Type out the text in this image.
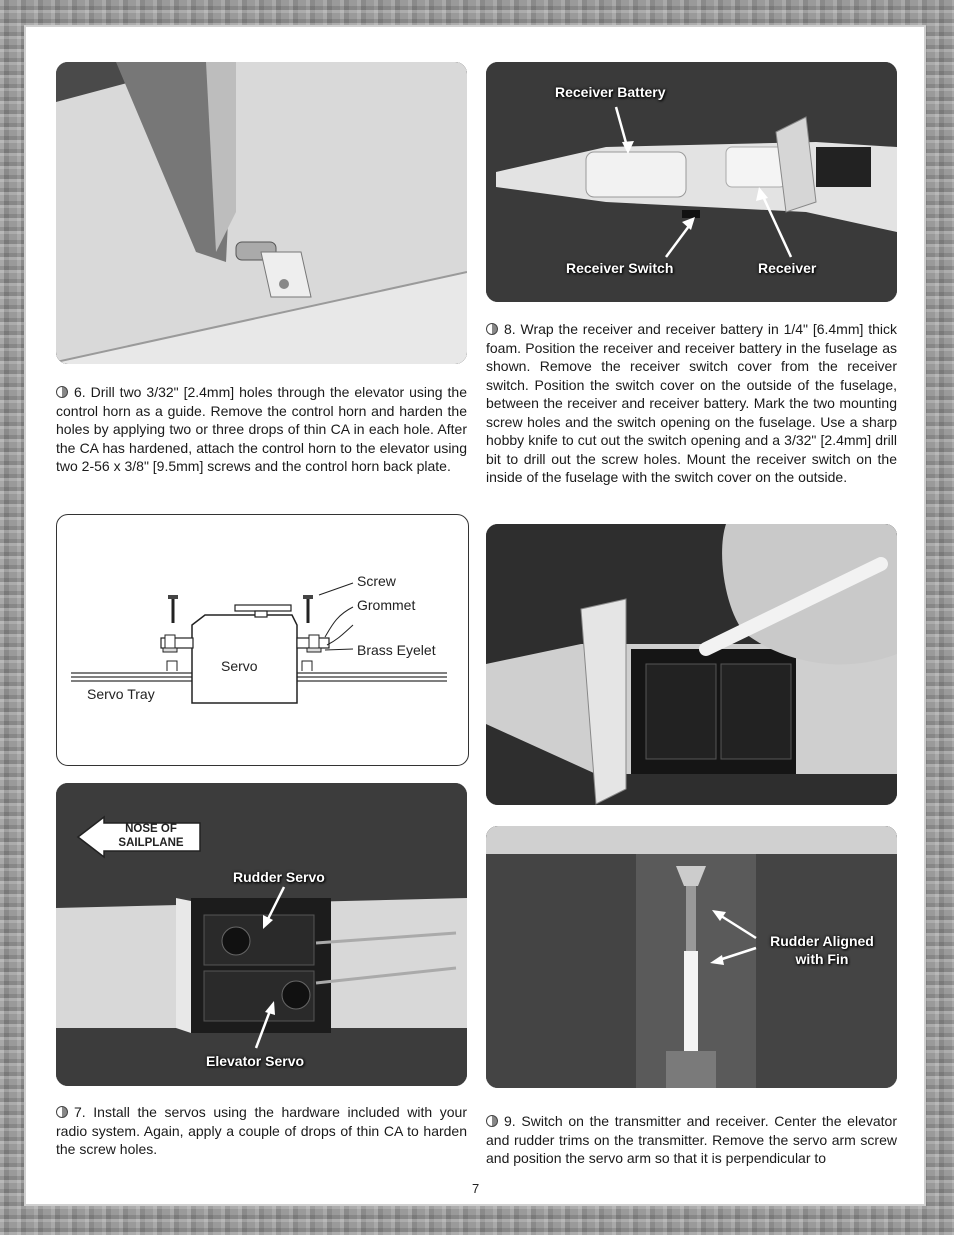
Receiver Battery
Receiver Switch	Receiver
6. Drill two 3/32" [2.4mm] holes through the elevator using the control horn as a guide. Remove the control horn and harden the holes by applying two or three drops of thin CA in each hole. After the CA has hardened, attach the control horn to the elevator using two 2-56 x 3/8" [9.5mm] screws and the control horn back plate.
8. Wrap the receiver and receiver battery in 1/4" [6.4mm] thick foam. Position the receiver and receiver battery in the fuselage as shown. Remove the receiver switch cover from the receiver switch. Position the switch cover on the outside of the fuselage, between the receiver and receiver battery. Mark the two mounting screw holes and the switch opening on the fuselage. Use a sharp hobby knife to cut out the switch opening and a 3/32" [2.4mm] drill bit to drill out the screw holes. Mount the receiver switch on the inside of the fuselage with the switch cover on the outside.
Screw
Grommet
Brass Eyelet
Servo
Servo Tray
Rudder Servo
Elevator Servo
NOSE OF SAILPLANE
Rudder Aligned with Fin
7. Install the servos using the hardware included with your radio system. Again, apply a couple of drops of thin CA to harden the screw holes.
9. Switch on the transmitter and receiver. Center the elevator and rudder trims on the transmitter. Remove the servo arm screw and position the servo arm so that it is perpendicular to
7
